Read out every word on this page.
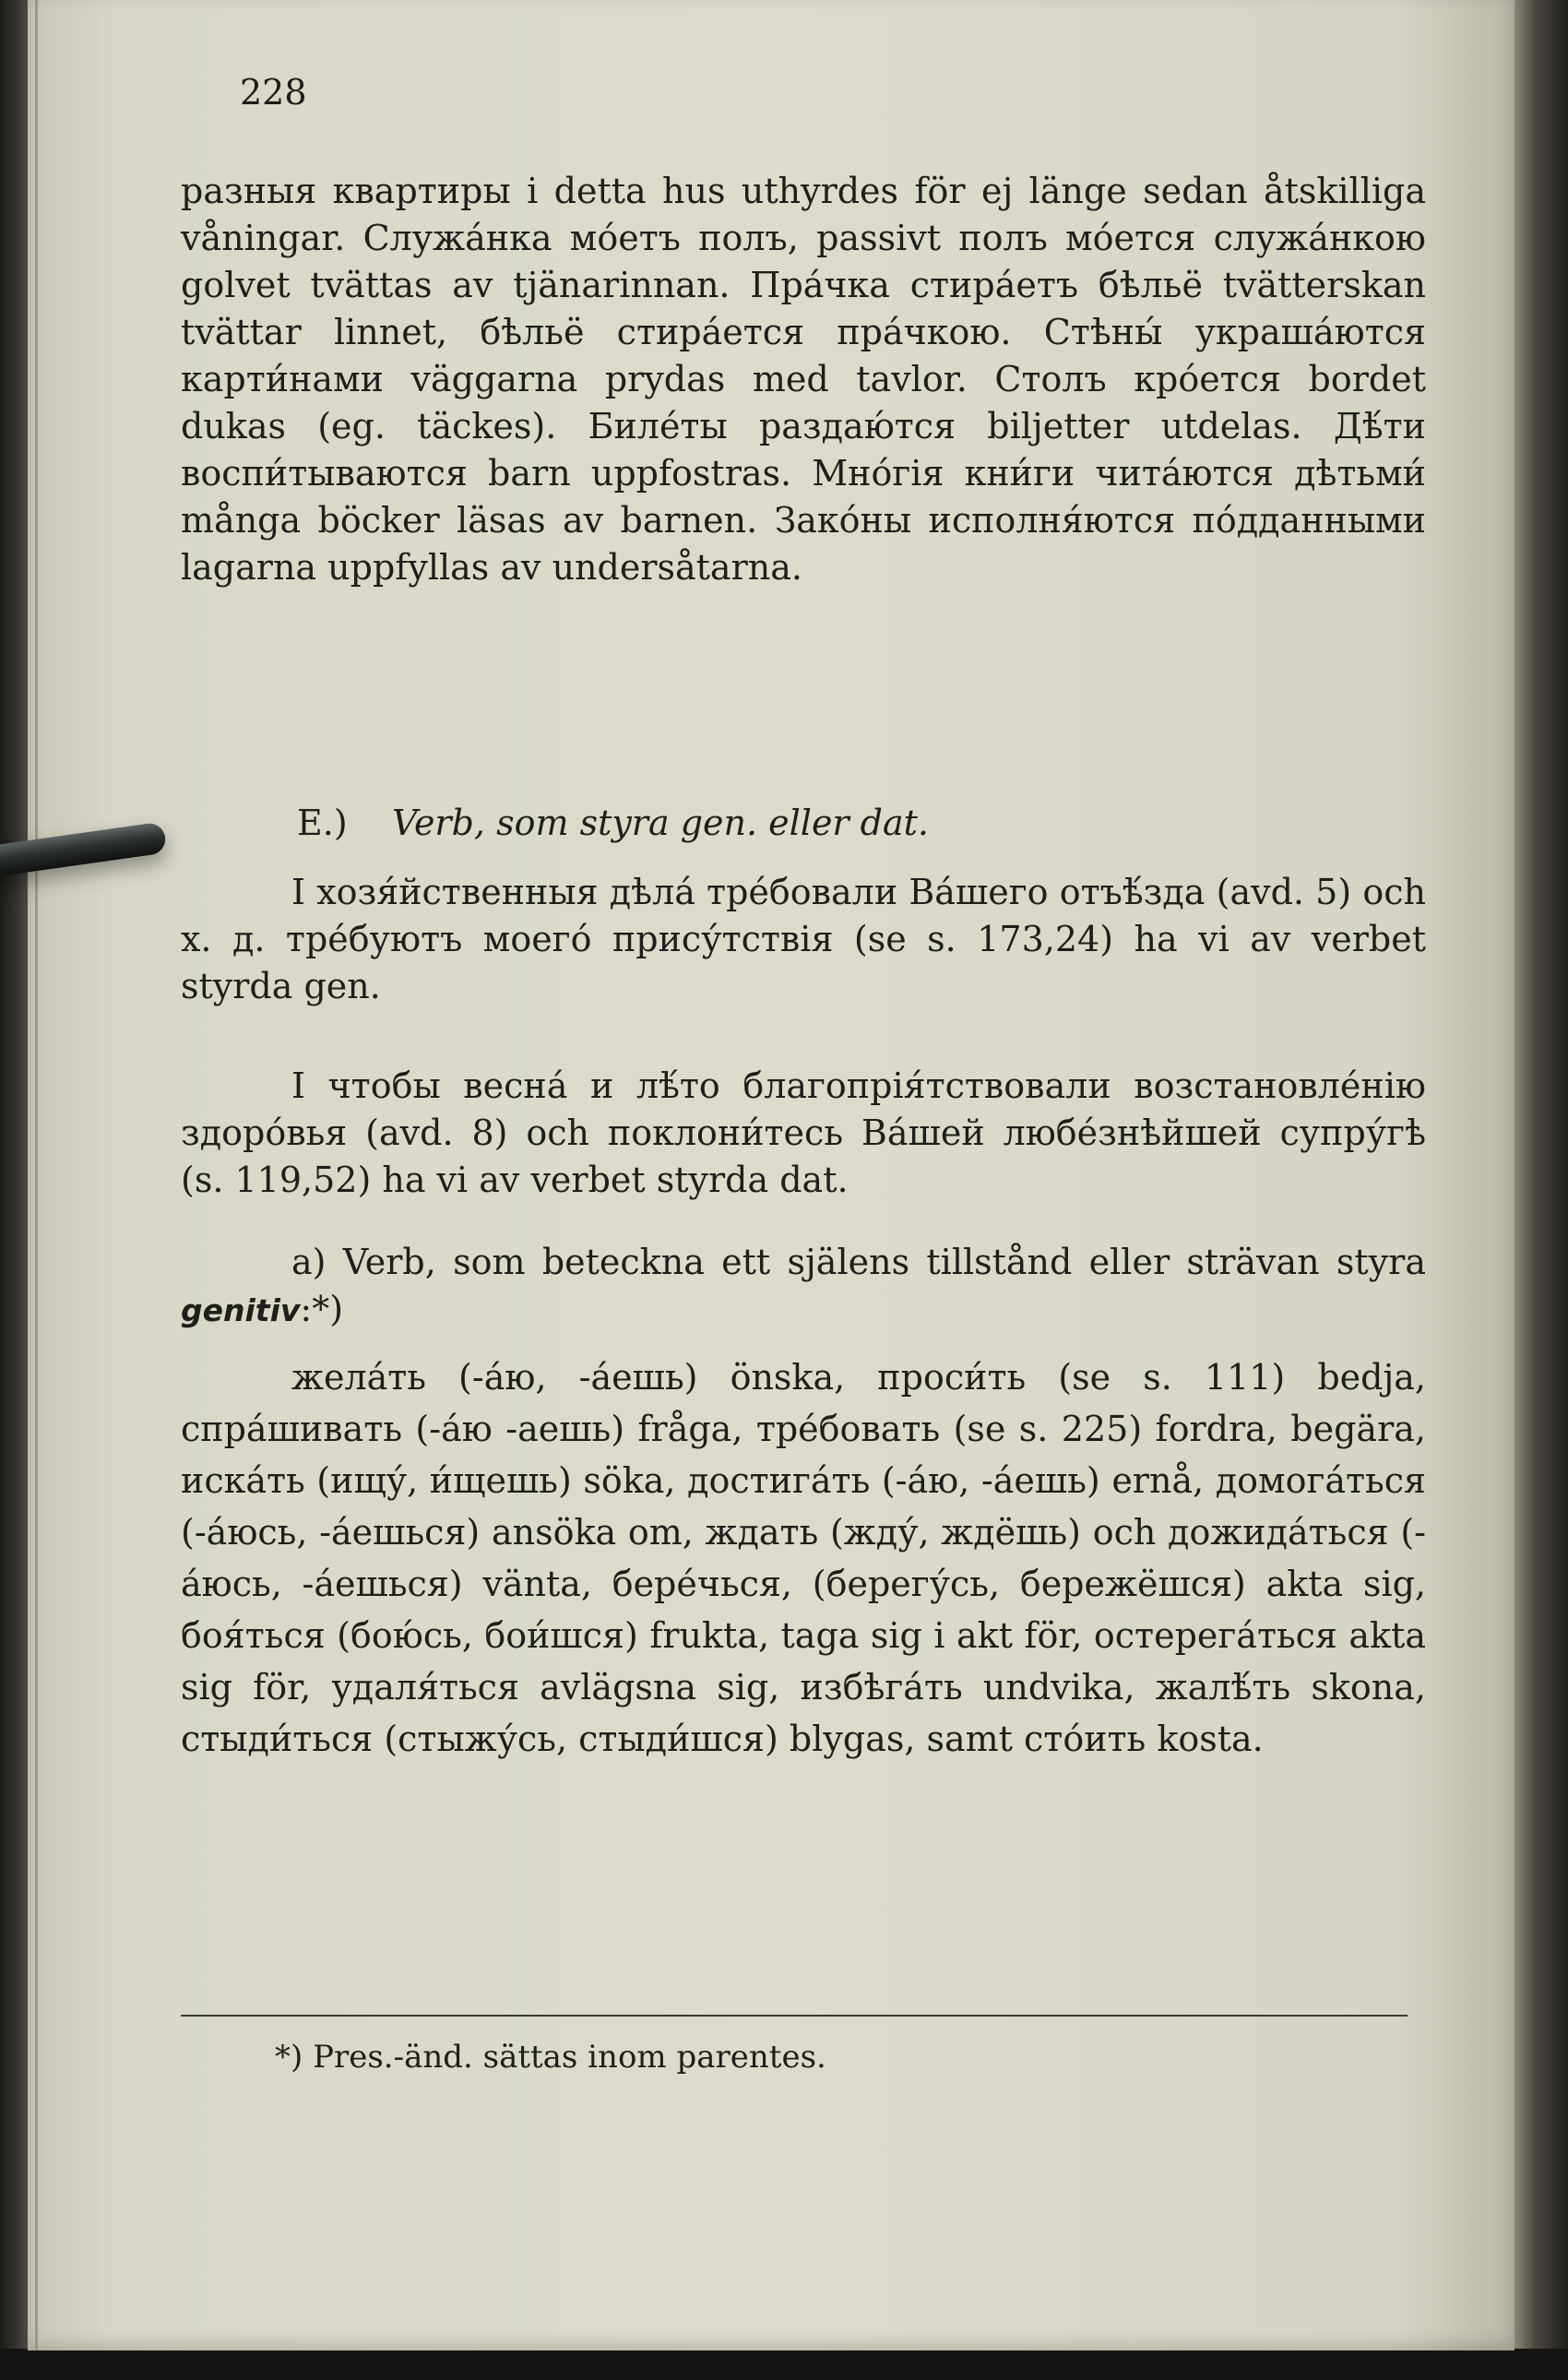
228
разныя квартиры i detta hus uthyrdes för ej länge sedan åtskilliga våningar. Служа́нка мо́етъ полъ, passivt полъ мо́ется служа́нкою golvet tvättas av tjänarinnan. Пра́чка стира́етъ бѣльё tvätterskan tvättar linnet, бѣльё стира́ется пра́чкою. Стѣны́ украша́ются карти́нами väggarna prydas med tavlor. Столъ кро́ется bordet dukas (eg. täckes). Биле́ты раздаю́тся biljetter utdelas. Дѣ́ти воспи́тываются barn uppfostras. Мно́гія кни́ги чита́ются дѣтьми́ många böcker läsas av barnen. Зако́ны исполня́ются по́дданными lagarna uppfyllas av undersåtarna.
E.) Verb, som styra gen. eller dat.
I хозя́йственныя дѣла́ тре́бовали Ва́шего отъѣ́зда (avd. 5) och x. д. тре́буютъ моего́ прису́тствія (se s. 173,24) ha vi av verbet styrda gen.
I чтобы весна́ и лѣ́то благопрія́тствовали возстановле́нію здоро́вья (avd. 8) och поклони́тесь Ва́шей любе́знѣйшей супру́гѣ (s. 119,52) ha vi av verbet styrda dat.
a) Verb, som beteckna ett själens tillstånd eller strävan styra genitiv:*)
жела́ть (-а́ю, -а́ешь) önska, проси́ть (se s. 111) bedja, спра́шивать (-а́ю -аешь) fråga, тре́бовать (se s. 225) fordra, begära, иска́ть (ищу́, и́щешь) söka, достига́ть (-а́ю, -а́ешь) ernå, домога́ться (-а́юсь, -а́ешься) ansöka om, ждать (жду́, ждёшь) och дожида́ться (-а́юсь, -а́ешься) vänta, бере́чься, (берегу́сь, бережёшся) akta sig, боя́ться (бою́сь, бои́шся) frukta, taga sig i akt för, остерега́ться akta sig för, удаля́ться avlägsna sig, избѣга́ть undvika, жалѣ́ть skona, стыди́ться (стыжу́сь, стыди́шся) blygas, samt сто́ить kosta.
*) Pres.-änd. sättas inom parentes.
